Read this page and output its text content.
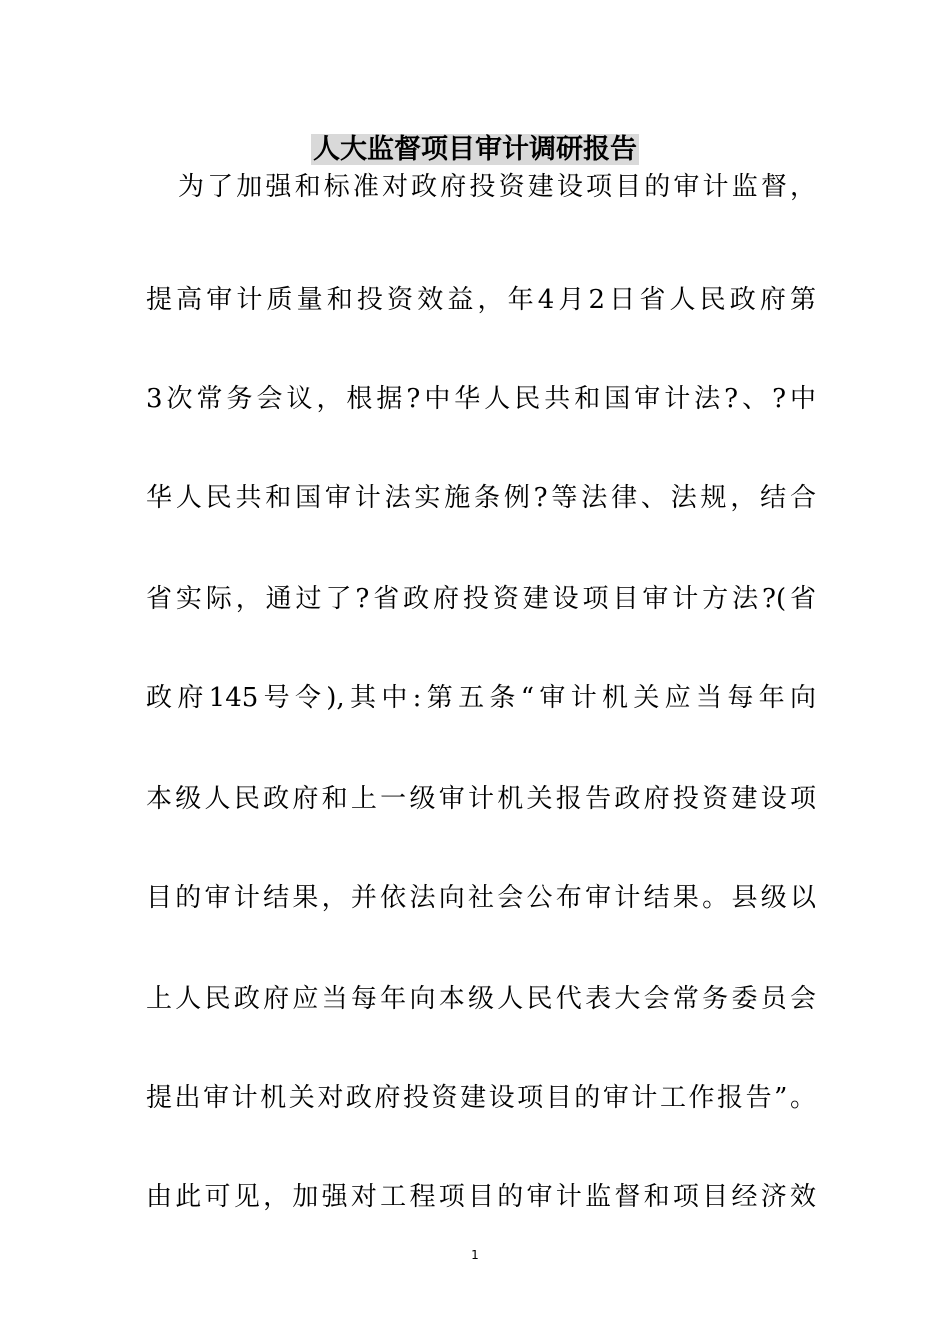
人大监督项目审计调研报告
为了加强和标准对政府投资建设项目的审计监督，
提高审计质量和投资效益，年4月2日省人民政府第
3次常务会议，根据?中华人民共和国审计法?、?中
华人民共和国审计法实施条例?等法律、法规，结合
省实际，通过了?省政府投资建设项目审计方法?(省
政府145号令),其中:第五条“审计机关应当每年向
本级人民政府和上一级审计机关报告政府投资建设项
目的审计结果，并依法向社会公布审计结果。县级以
上人民政府应当每年向本级人民代表大会常务委员会
提出审计机关对政府投资建设项目的审计工作报告”。
由此可见，加强对工程项目的审计监督和项目经济效
1
